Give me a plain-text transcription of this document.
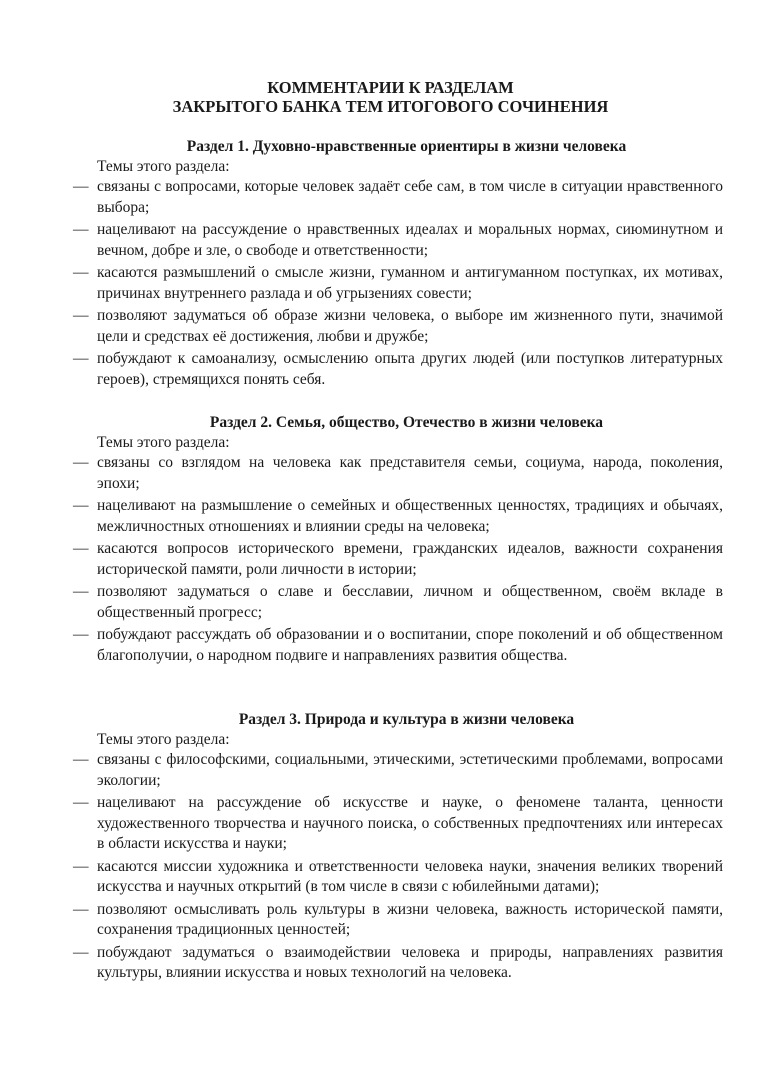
КОММЕНТАРИИ К РАЗДЕЛАМ
ЗАКРЫТОГО БАНКА ТЕМ ИТОГОВОГО СОЧИНЕНИЯ
Раздел 1. Духовно-нравственные ориентиры в жизни человека

Темы этого раздела:

— связаны с вопросами, которые человек задаёт себе сам, в том числе в ситуации нравственного выбора;
— нацеливают на рассуждение о нравственных идеалах и моральных нормах, сиюминутном и вечном, добре и зле, о свободе и ответственности;
— касаются размышлений о смысле жизни, гуманном и антигуманном поступках, их мотивах, причинах внутреннего разлада и об угрызениях совести;
— позволяют задуматься об образе жизни человека, о выборе им жизненного пути, значимой цели и средствах её достижения, любви и дружбе;
— побуждают к самоанализу, осмыслению опыта других людей (или поступков литературных героев), стремящихся понять себя.
Раздел 2. Семья, общество, Отечество в жизни человека

Темы этого раздела:

— связаны со взглядом на человека как представителя семьи, социума, народа, поколения, эпохи;
— нацеливают на размышление о семейных и общественных ценностях, традициях и обычаях, межличностных отношениях и влиянии среды на человека;
— касаются вопросов исторического времени, гражданских идеалов, важности сохранения исторической памяти, роли личности в истории;
— позволяют задуматься о славе и бесславии, личном и общественном, своём вкладе в общественный прогресс;
— побуждают рассуждать об образовании и о воспитании, споре поколений и об общественном благополучии, о народном подвиге и направлениях развития общества.
Раздел 3. Природа и культура в жизни человека

Темы этого раздела:

— связаны с философскими, социальными, этическими, эстетическими проблемами, вопросами экологии;
— нацеливают на рассуждение об искусстве и науке, о феномене таланта, ценности художественного творчества и научного поиска, о собственных предпочтениях или интересах в области искусства и науки;
— касаются миссии художника и ответственности человека науки, значения великих творений искусства и научных открытий (в том числе в связи с юбилейными датами);
— позволяют осмысливать роль культуры в жизни человека, важность исторической памяти, сохранения традиционных ценностей;
— побуждают задуматься о взаимодействии человека и природы, направлениях развития культуры, влиянии искусства и новых технологий на человека.
